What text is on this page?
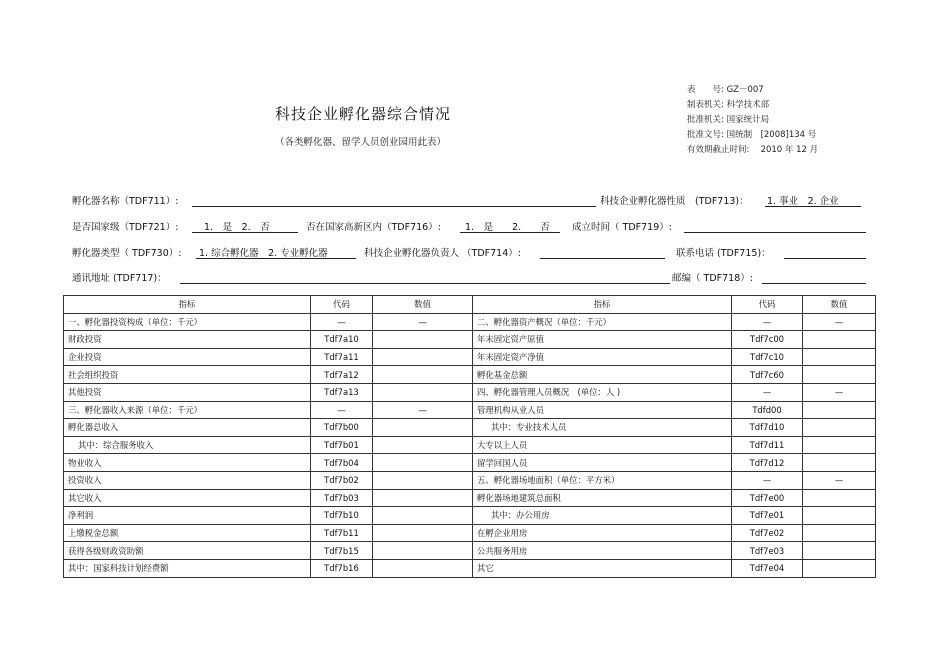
科技企业孵化器综合情况
（各类孵化器、留学人员创业园用此表）
表　　号: GZ－007
制表机关: 科学技术部
批准机关: 国家统计局
批准文号: 国统制　[2008]134 号
有效期截止时间:　 2010 年 12 月
孵化器名称（TDF711）:	科技企业孵化器性质　(TDF713)： 1. 事业　2. 企业
是否国家级（TDF721）:	1.　是　2.　否	否在国家高新区内（TDF716）:	1.　是　　2.　　否 成立时间（ TDF719）:
孵化器类型（ TDF730）: 1. 综合孵化器　2. 专业孵化器	科技企业孵化器负责人 （TDF714）:	联系电话 (TDF715)：
通讯地址 (TDF717)：	邮编（ TDF718）:
指标	代码	数值	指标	代码	数值
一、孵化器投资构成（单位：千元）	—	—	二、孵化器资产概况（单位：千元）	—	—
财政投资	Tdf7a10		年末固定资产原值	Tdf7c00	
企业投资	Tdf7a11		年末固定资产净值	Tdf7c10	
社会组织投资	Tdf7a12		孵化基金总额	Tdf7c60	
其他投资	Tdf7a13		四、孵化器管理人员概况　(单位：人 )	—	—
三、孵化器收入来源（单位：千元）	—	—	管理机构从业人员	Tdfd00	
孵化器总收入	Tdf7b00		其中：专业技术人员	Tdf7d10	
其中：综合服务收入	Tdf7b01		大专以上人员	Tdf7d11	
物业收入	Tdf7b04		留学回国人员	Tdf7d12	
投资收入	Tdf7b02		五、孵化器场地面积（单位：平方米）	—	—
其它收入	Tdf7b03		孵化器场地建筑总面积	Tdf7e00	
净利润	Tdf7b10		其中：办公用房	Tdf7e01	
上缴税金总额	Tdf7b11		在孵企业用房	Tdf7e02	
获得各级财政资助额	Tdf7b15		公共服务用房	Tdf7e03	
其中：国家科技计划经费额	Tdf7b16		其它	Tdf7e04	
